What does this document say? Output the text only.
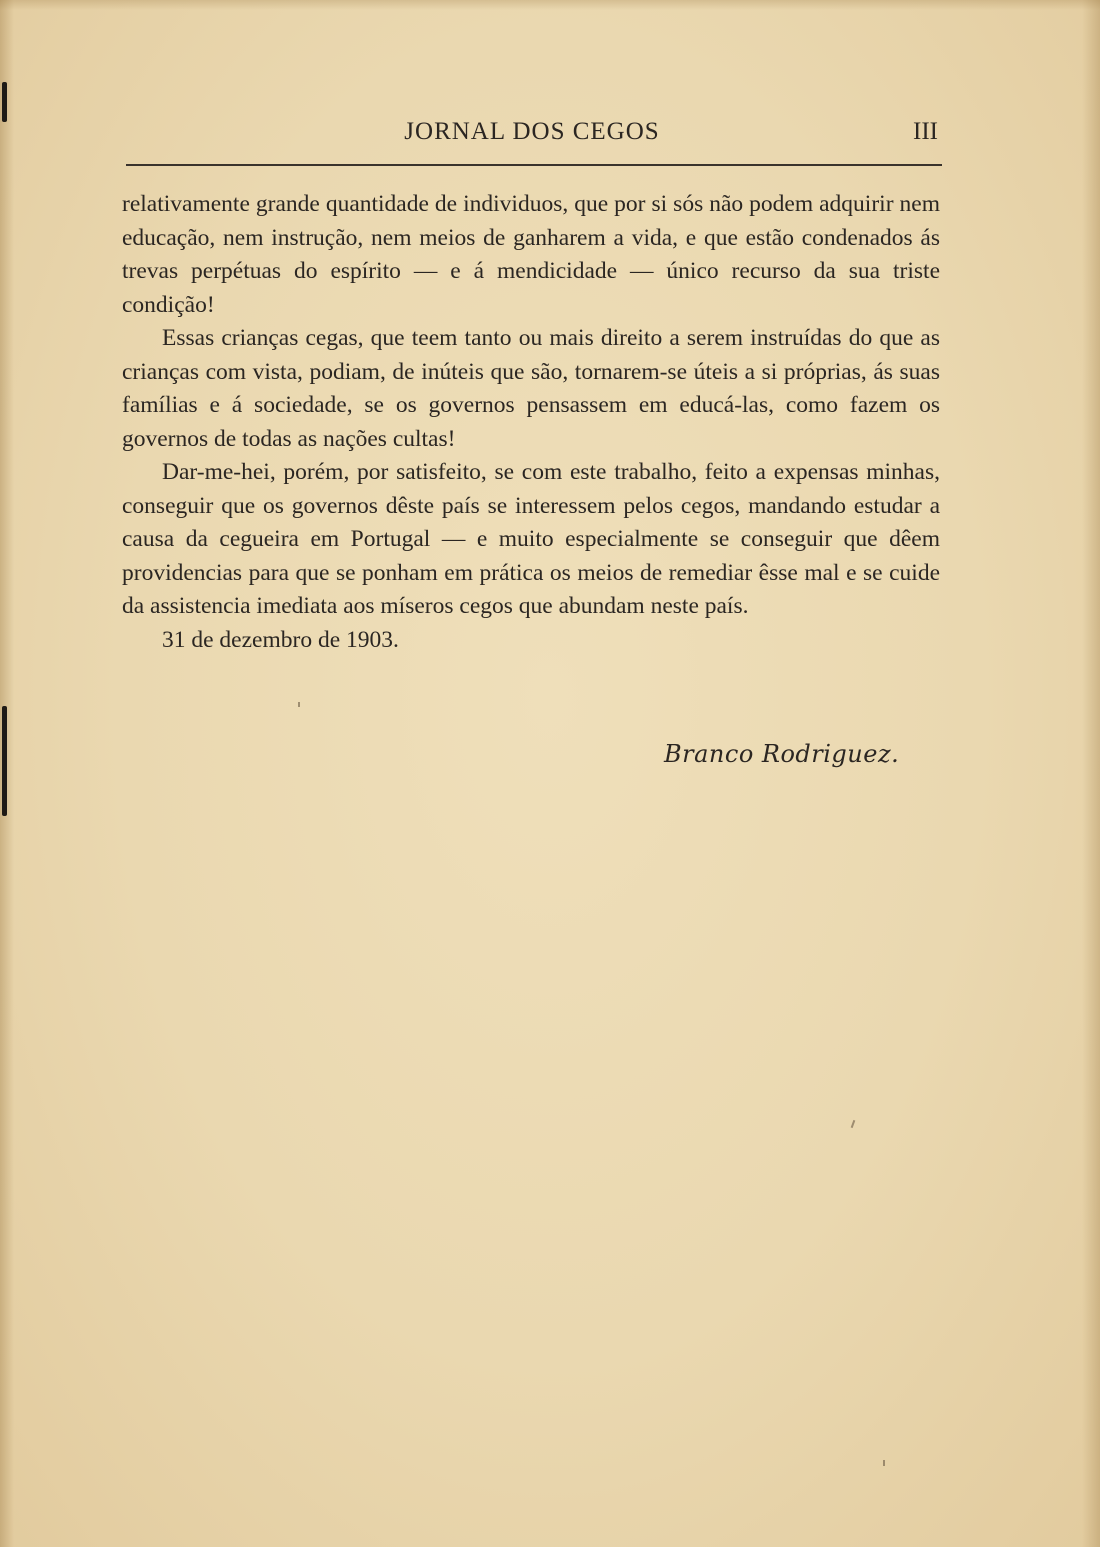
JORNAL DOS CEGOS	III

relativamente grande quantidade de individuos, que por si sós não podem adquirir nem educação, nem instrução, nem meios de ganharem a vida, e que estão condenados ás trevas perpétuas do espírito — e á mendicidade — único recurso da sua triste condição!

Essas crianças cegas, que teem tanto ou mais direito a serem instruídas do que as crianças com vista, podiam, de inúteis que são, tornarem-se úteis a si próprias, ás suas famílias e á sociedade, se os governos pensassem em educá-las, como fazem os governos de todas as nações cultas!

Dar-me-hei, porém, por satisfeito, se com este trabalho, feito a expensas minhas, conseguir que os governos dêste país se interessem pelos cegos, mandando estudar a causa da cegueira em Portugal — e muito especialmente se conseguir que dêem providencias para que se ponham em prática os meios de remediar êsse mal e se cuide da assistencia imediata aos míseros cegos que abundam neste país.

31 de dezembro de 1903.

Branco Rodriguez.
